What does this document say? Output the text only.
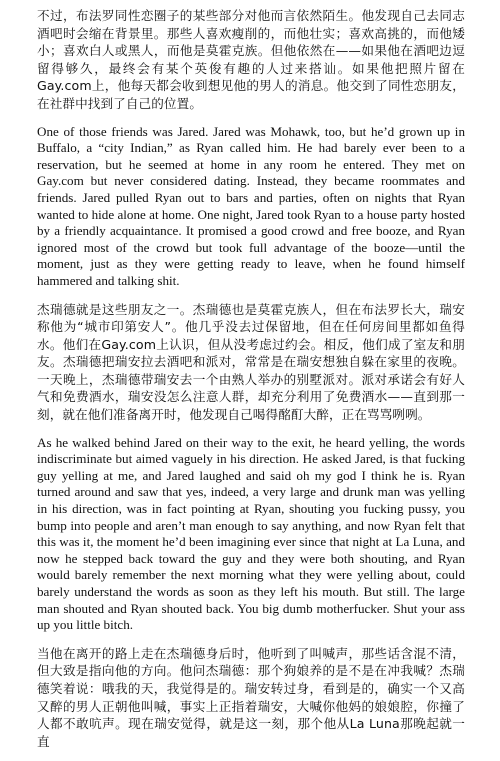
不过，布法罗同性恋圈子的某些部分对他而言依然陌生。他发现自己去同志酒吧时会缩在背景里。那些人喜欢瘦削的，而他壮实；喜欢高挑的，而他矮小；喜欢白人或黑人，而他是莫霍克族。但他依然在——如果他在酒吧边逗留得够久，最终会有某个英俊有趣的人过来搭讪。如果他把照片留在Gay.com上，他每天都会收到想见他的男人的消息。他交到了同性恋朋友，在社群中找到了自己的位置。

One of those friends was Jared. Jared was Mohawk, too, but he’d grown up in Buffalo, a “city Indian,” as Ryan called him. He had barely ever been to a reservation, but he seemed at home in any room he entered. They met on Gay.com but never considered dating. Instead, they became roommates and friends. Jared pulled Ryan out to bars and parties, often on nights that Ryan wanted to hide alone at home. One night, Jared took Ryan to a house party hosted by a friendly acquaintance. It promised a good crowd and free booze, and Ryan ignored most of the crowd but took full advantage of the booze—until the moment, just as they were getting ready to leave, when he found himself hammered and talking shit.

杰瑞德就是这些朋友之一。杰瑞德也是莫霍克族人，但在布法罗长大，瑞安称他为“城市印第安人”。他几乎没去过保留地，但在任何房间里都如鱼得水。他们在Gay.com上认识，但从没考虑过约会。相反，他们成了室友和朋友。杰瑞德把瑞安拉去酒吧和派对，常常是在瑞安想独自躲在家里的夜晚。一天晚上，杰瑞德带瑞安去一个由熟人举办的别墅派对。派对承诺会有好人气和免费酒水，瑞安没怎么注意人群，却充分利用了免费酒水——直到那一刻，就在他们准备离开时，他发现自己喝得酩酊大醉，正在骂骂咧咧。

As he walked behind Jared on their way to the exit, he heard yelling, the words indiscriminate but aimed vaguely in his direction. He asked Jared, is that fucking guy yelling at me, and Jared laughed and said oh my god I think he is. Ryan turned around and saw that yes, indeed, a very large and drunk man was yelling in his direction, was in fact pointing at Ryan, shouting you fucking pussy, you bump into people and aren’t man enough to say anything, and now Ryan felt that this was it, the moment he’d been imagining ever since that night at La Luna, and now he stepped back toward the guy and they were both shouting, and Ryan would barely remember the next morning what they were yelling about, could barely understand the words as soon as they left his mouth. But still. The large man shouted and Ryan shouted back. You big dumb motherfucker. Shut your ass up you little bitch.

当他在离开的路上走在杰瑞德身后时，他听到了叫喊声，那些话含混不清，但大致是指向他的方向。他问杰瑞德：那个狗娘养的是不是在冲我喊？杰瑞德笑着说：哦我的天，我觉得是的。瑞安转过身，看到是的，确实一个又高又醉的男人正朝他叫喊，事实上正指着瑞安，大喊你他妈的娘娘腔，你撞了人都不敢吭声。现在瑞安觉得，就是这一刻，那个他从La Luna那晚起就一直
